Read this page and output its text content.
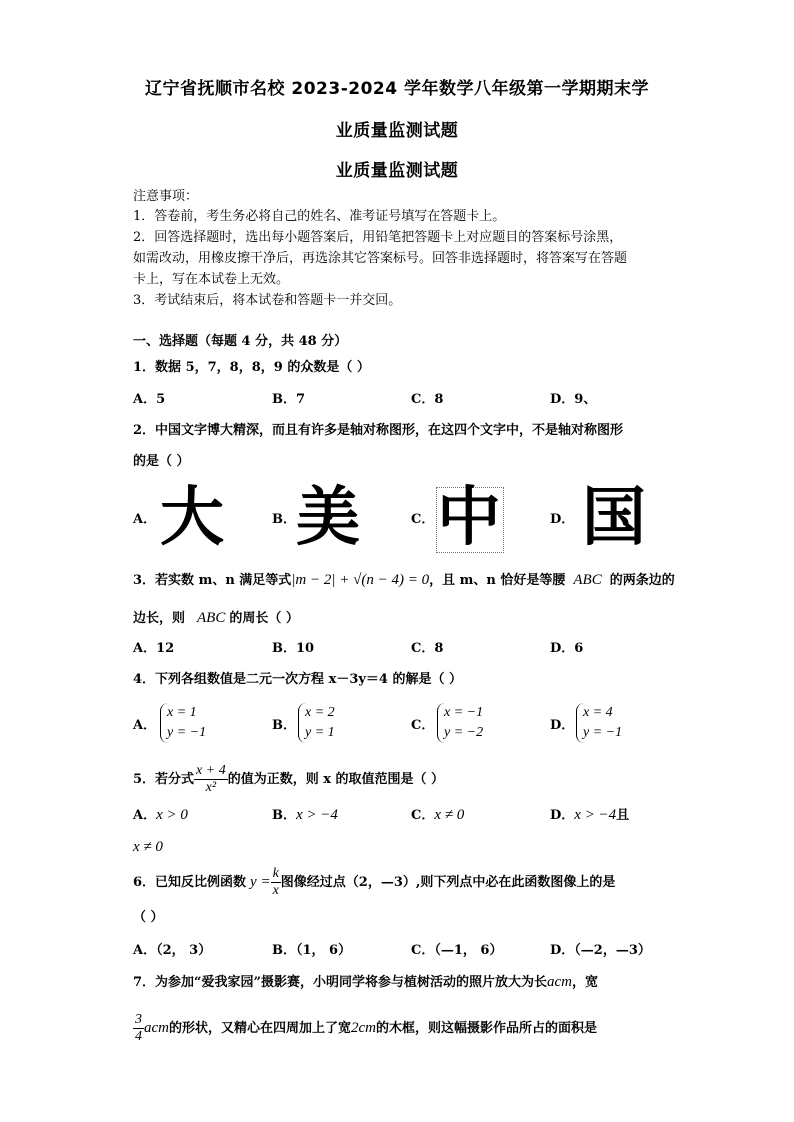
辽宁省抚顺市名校 2023-2024 学年数学八年级第一学期期末学
业质量监测试题
业质量监测试题
注意事项：
1．答卷前，考生务必将自己的姓名、准考证号填写在答题卡上。
2．回答选择题时，选出每小题答案后，用铅笔把答题卡上对应题目的答案标号涂黑，
如需改动，用橡皮擦干净后，再选涂其它答案标号。回答非选择题时，将答案写在答题
卡上，写在本试卷上无效。
3．考试结束后，将本试卷和答题卡一并交回。
一、选择题（每题 4 分，共 48 分）
1．数据 5，7，8，8，9 的众数是（ ）
A．5	B．7	C．8	D．9、
2．中国文字博大精深，而且有许多是轴对称图形，在这四个文字中，不是轴对称图形
的是（ ）
A． 大	B． 美	C． 中	D． 国
3．若实数 m、n 满足等式|m − 2| + √(n − 4) = 0，且 m、n 恰好是等腰 ABC 的两条边的
边长，则 ABC 的周长（ ）
A．12	B．10	C．8	D．6
4．下列各组数值是二元一次方程 x－3y＝4 的解是（ ）
A．
x = 1
y = −1	B．
x = 2
y = 1	C．
x = −1
y = −2	D．
x = 4
y = −1
5．若分式 $\frac{x + 4}{\text{x²}}$ 的值为正数，则 x 的取值范围是（ ）
A．x > 0	B．x > −4	C．x ≠ 0	D．x > −4且
x ≠ 0
6．已知反比例函数 $y = \frac{k}{x}$ 图像经过点（2，—3）,则下列点中必在此函数图像上的是
（ ）
A．（2， 3）	B．（1， 6）	C．（—1， 6）	D．（—2，—3）
7．为参加“爱我家园”摄影赛，小明同学将参与植树活动的照片放大为长acm，宽
$\frac{3}{4}$ acm的形状，又精心在四周加上了宽2cm的木框，则这幅摄影作品所占的面积是
